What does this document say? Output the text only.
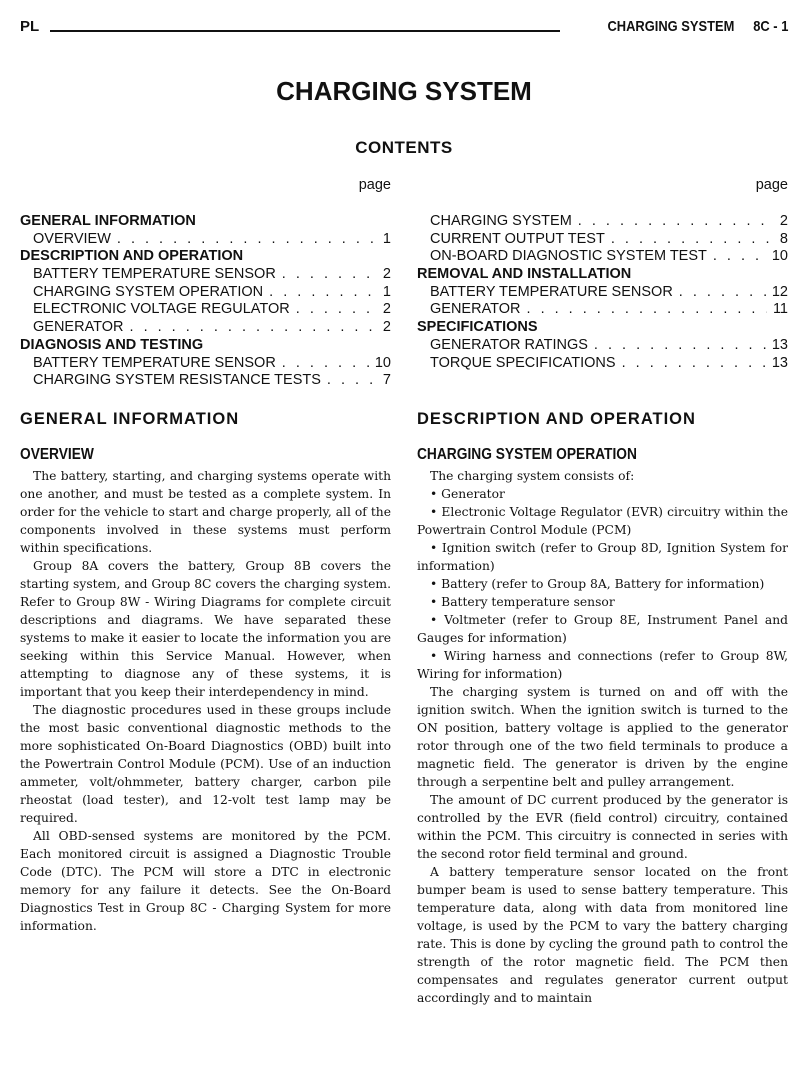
PL	CHARGING SYSTEM 8C - 1
CHARGING SYSTEM
CONTENTS
page
GENERAL INFORMATION
OVERVIEW . . .	1
DESCRIPTION AND OPERATION
BATTERY TEMPERATURE SENSOR . . .	2
CHARGING SYSTEM OPERATION . . .	1
ELECTRONIC VOLTAGE REGULATOR . . .	2
GENERATOR . . .	2
DIAGNOSIS AND TESTING
BATTERY TEMPERATURE SENSOR . . .	10
CHARGING SYSTEM RESISTANCE TESTS . . .	7
page
CHARGING SYSTEM . . .	2
CURRENT OUTPUT TEST . . .	8
ON-BOARD DIAGNOSTIC SYSTEM TEST . . .	10
REMOVAL AND INSTALLATION
BATTERY TEMPERATURE SENSOR . . .	12
GENERATOR . . .	11
SPECIFICATIONS
GENERATOR RATINGS . . .	13
TORQUE SPECIFICATIONS . . .	13
GENERAL INFORMATION
OVERVIEW
DESCRIPTION AND OPERATION
CHARGING SYSTEM OPERATION

The battery, starting, and charging systems operate with one another, and must be tested as a complete system. In order for the vehicle to start and charge properly, all of the components involved in these systems must perform within specifications.

Group 8A covers the battery, Group 8B covers the starting system, and Group 8C covers the charging system. Refer to Group 8W - Wiring Diagrams for complete circuit descriptions and diagrams. We have separated these systems to make it easier to locate the information you are seeking within this Service Manual. However, when attempting to diagnose any of these systems, it is important that you keep their interdependency in mind.

The diagnostic procedures used in these groups include the most basic conventional diagnostic methods to the more sophisticated On-Board Diagnostics (OBD) built into the Powertrain Control Module (PCM). Use of an induction ammeter, volt/ohmmeter, battery charger, carbon pile rheostat (load tester), and 12-volt test lamp may be required.

All OBD-sensed systems are monitored by the PCM. Each monitored circuit is assigned a Diagnostic Trouble Code (DTC). The PCM will store a DTC in electronic memory for any failure it detects. See the On-Board Diagnostics Test in Group 8C - Charging System for more information.

The charging system consists of:

• Generator

• Electronic Voltage Regulator (EVR) circuitry within the Powertrain Control Module (PCM)

• Ignition switch (refer to Group 8D, Ignition System for information)

• Battery (refer to Group 8A, Battery for information)

• Battery temperature sensor

• Voltmeter (refer to Group 8E, Instrument Panel and Gauges for information)

• Wiring harness and connections (refer to Group 8W, Wiring for information)

The charging system is turned on and off with the ignition switch. When the ignition switch is turned to the ON position, battery voltage is applied to the generator rotor through one of the two field terminals to produce a magnetic field. The generator is driven by the engine through a serpentine belt and pulley arrangement.

The amount of DC current produced by the generator is controlled by the EVR (field control) circuitry, contained within the PCM. This circuitry is connected in series with the second rotor field terminal and ground.

A battery temperature sensor located on the front bumper beam is used to sense battery temperature. This temperature data, along with data from monitored line voltage, is used by the PCM to vary the battery charging rate. This is done by cycling the ground path to control the strength of the rotor magnetic field. The PCM then compensates and regulates generator current output accordingly and to maintain
